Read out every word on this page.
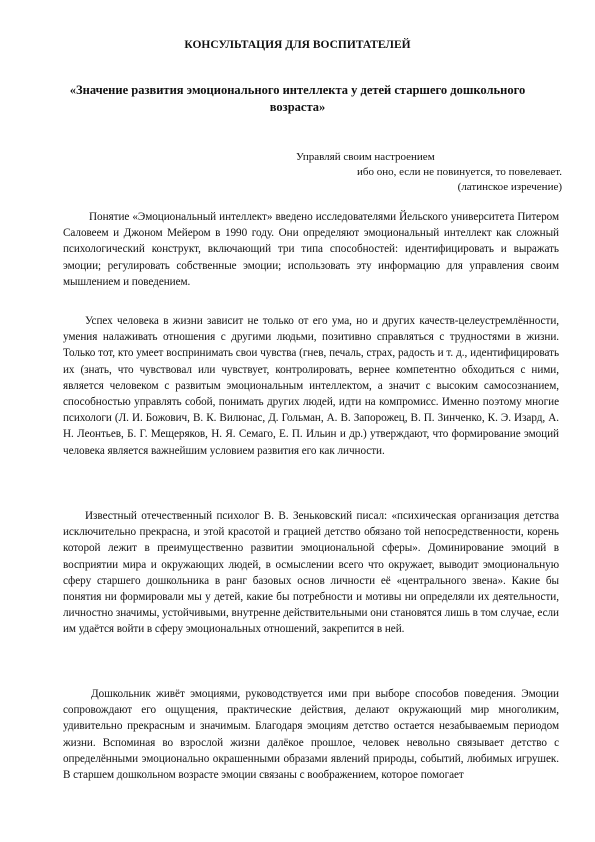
КОНСУЛЬТАЦИЯ ДЛЯ ВОСПИТАТЕЛЕЙ
«Значение развития эмоционального интеллекта у детей старшего дошкольного возраста»
Управляй своим настроением
ибо оно, если не повинуется, то повелевает.
(латинское изречение)

Понятие «Эмоциональный интеллект» введено исследователями Йельского университета Питером Саловеем и Джоном Мейером в 1990 году. Они определяют эмоциональный интеллект как сложный психологический конструкт, включающий три типа способностей: идентифицировать и выражать эмоции; регулировать собственные эмоции; использовать эту информацию для управления своим мышлением и поведением.

Успех человека в жизни зависит не только от его ума, но и других качеств-целеустремлённости, умения налаживать отношения с другими людьми, позитивно справляться с трудностями в жизни. Только тот, кто умеет воспринимать свои чувства (гнев, печаль, страх, радость и т. д., идентифицировать их (знать, что чувствовал или чувствует, контролировать, вернее компетентно обходиться с ними, является человеком с развитым эмоциональным интеллектом, а значит с высоким самосознанием, способностью управлять собой, понимать других людей, идти на компромисс. Именно поэтому многие психологи (Л. И. Божович, В. К. Вилюнас, Д. Гольман, А. В. Запорожец, В. П. Зинченко, К. Э. Изард, А. Н. Леонтьев, Б. Г. Мещеряков, Н. Я. Семаго, Е. П. Ильин и др.) утверждают, что формирование эмоций человека является важнейшим условием развития его как личности.

Известный отечественный психолог В. В. Зеньковский писал: «психическая организация детства исключительно прекрасна, и этой красотой и грацией детство обязано той непосредственности, корень которой лежит в преимущественно развитии эмоциональной сферы». Доминирование эмоций в восприятии мира и окружающих людей, в осмыслении всего что окружает, выводит эмоциональную сферу старшего дошкольника в ранг базовых основ личности её «центрального звена». Какие бы понятия ни формировали мы у детей, какие бы потребности и мотивы ни определяли их деятельности, личностно значимы, устойчивыми, внутренне действительными они становятся лишь в том случае, если им удаётся войти в сферу эмоциональных отношений, закрепится в ней.

Дошкольник живёт эмоциями, руководствуется ими при выборе способов поведения. Эмоции сопровождают его ощущения, практические действия, делают окружающий мир многоликим, удивительно прекрасным и значимым. Благодаря эмоциям детство остается незабываемым периодом жизни. Вспоминая во взрослой жизни далёкое прошлое, человек невольно связывает детство с определёнными эмоционально окрашенными образами явлений природы, событий, любимых игрушек. В старшем дошкольном возрасте эмоции связаны с воображением, которое помогает
